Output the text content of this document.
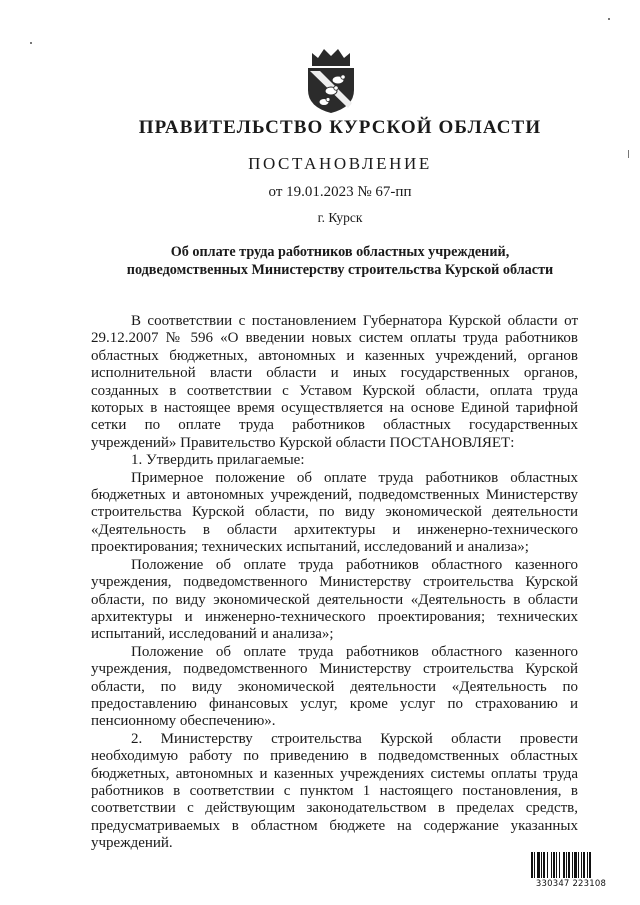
ПРАВИТЕЛЬСТВО КУРСКОЙ ОБЛАСТИ
ПОСТАНОВЛЕНИЕ
от 19.01.2023 № 67-пп
г. Курск
Об оплате труда работников областных учреждений,
подведомственных Министерству строительства Курской области

В соответствии с постановлением Губернатора Курской области от 29.12.2007 № 596 «О введении новых систем оплаты труда работников областных бюджетных, автономных и казенных учреждений, органов исполнительной власти области и иных государственных органов, созданных в соответствии с Уставом Курской области, оплата труда которых в настоящее время осуществляется на основе Единой тарифной сетки по оплате труда работников областных государственных учреждений» Правительство Курской области ПОСТАНОВЛЯЕТ:

1. Утвердить прилагаемые:

Примерное положение об оплате труда работников областных бюджетных и автономных учреждений, подведомственных Министерству строительства Курской области, по виду экономической деятельности «Деятельность в области архитектуры и инженерно-технического проектирования; технических испытаний, исследований и анализа»;

Положение об оплате труда работников областного казенного учреждения, подведомственного Министерству строительства Курской области, по виду экономической деятельности «Деятельность в области архитектуры и инженерно-технического проектирования; технических испытаний, исследований и анализа»;

Положение об оплате труда работников областного казенного учреждения, подведомственного Министерству строительства Курской области, по виду экономической деятельности «Деятельность по предоставлению финансовых услуг, кроме услуг по страхованию и пенсионному обеспечению».

2. Министерству строительства Курской области провести необходимую работу по приведению в подведомственных областных бюджетных, автономных и казенных учреждениях системы оплаты труда работников в соответствии с пунктом 1 настоящего постановления, в соответствии с действующим законодательством в пределах средств, предусматриваемых в областном бюджете на содержание указанных учреждений.

330347 223108
